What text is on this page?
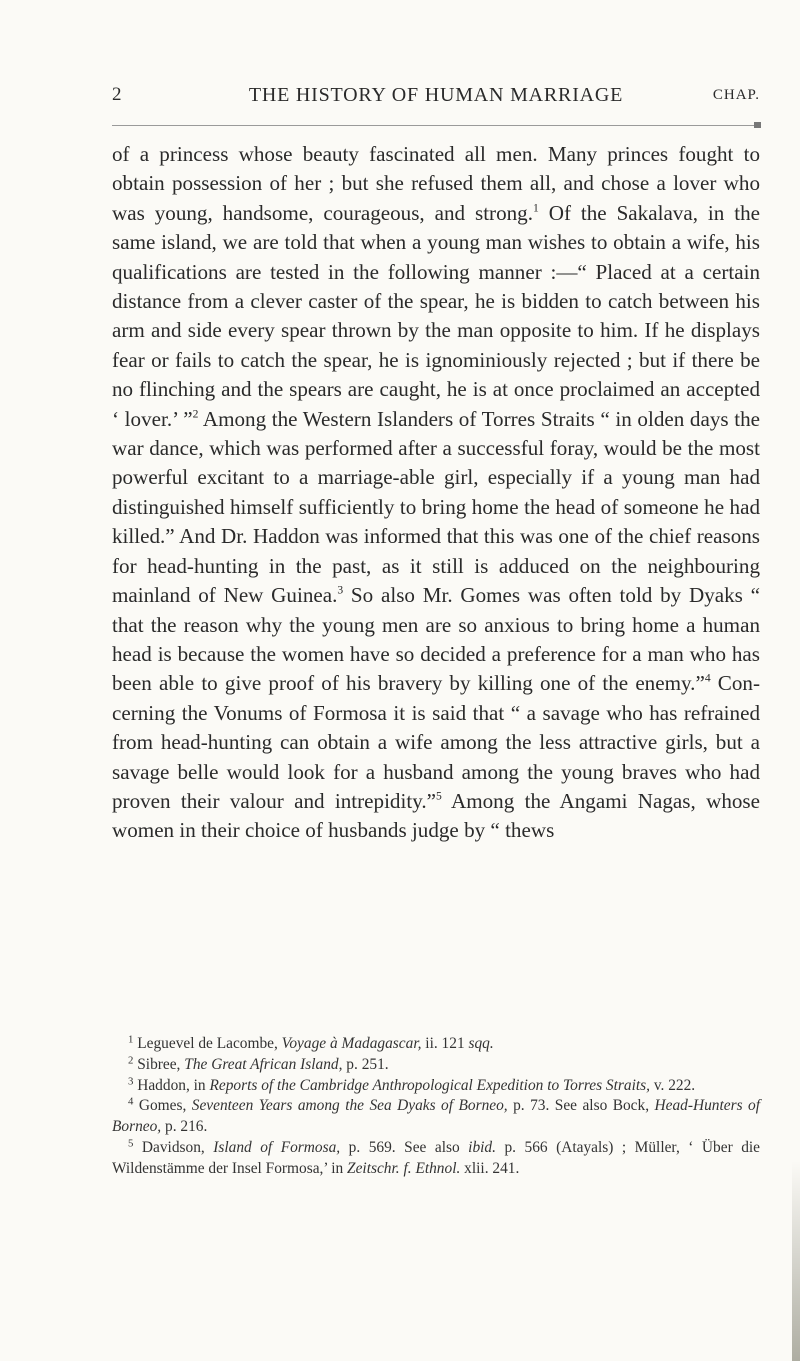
2	THE HISTORY OF HUMAN MARRIAGE	CHAP.

of a princess whose beauty fascinated all men. Many princes fought to obtain possession of her ; but she refused them all, and chose a lover who was young, handsome, courageous, and strong.$^1$ Of the Sakalava, in the same island, we are told that when a young man wishes to obtain a wife, his qualifications are tested in the following manner :—“ Placed at a certain distance from a clever caster of the spear, he is bidden to catch between his arm and side every spear thrown by the man opposite to him. If he displays fear or fails to catch the spear, he is ignominiously rejected ; but if there be no flinching and the spears are caught, he is at once proclaimed an accepted ‘ lover.’ ”$^2$ Among the Western Islanders of Torres Straits “ in olden days the war dance, which was performed after a successful foray, would be the most powerful excitant to a marriage-able girl, especially if a young man had distinguished himself sufficiently to bring home the head of someone he had killed.” And Dr. Haddon was informed that this was one of the chief reasons for head-hunting in the past, as it still is adduced on the neighbouring mainland of New Guinea.$^3$ So also Mr. Gomes was often told by Dyaks “ that the reason why the young men are so anxious to bring home a human head is because the women have so decided a preference for a man who has been able to give proof of his bravery by killing one of the enemy.”$^4$ Con-cerning the Vonums of Formosa it is said that “ a savage who has refrained from head-hunting can obtain a wife among the less attractive girls, but a savage belle would look for a husband among the young braves who had proven their valour and intrepidity.”$^5$ Among the Angami Nagas, whose women in their choice of husbands judge by “ thews

$^1$ Leguevel de Lacombe, Voyage à Madagascar, ii. 121 sqq.
$^2$ Sibree, The Great African Island, p. 251.
$^3$ Haddon, in Reports of the Cambridge Anthropological Expedition to Torres Straits, v. 222.
$^4$ Gomes, Seventeen Years among the Sea Dyaks of Borneo, p. 73. See also Bock, Head-Hunters of Borneo, p. 216.
$^5$ Davidson, Island of Formosa, p. 569. See also ibid. p. 566 (Atayals) ; Müller, ‘ Über die Wildenstämme der Insel Formosa,’ in Zeitschr. f. Ethnol. xlii. 241.
